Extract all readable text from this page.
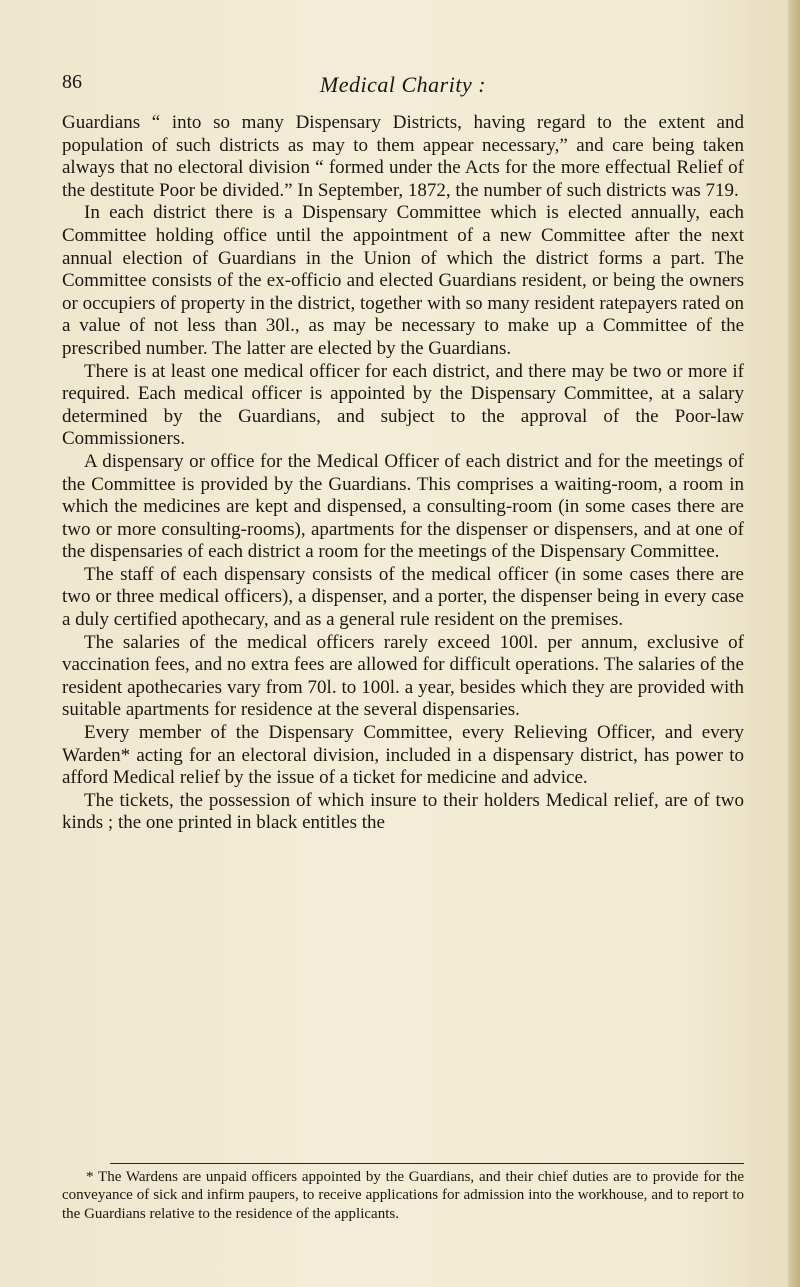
86	Medical Charity :

Guardians “ into so many Dispensary Districts, having regard to the extent and population of such districts as may to them appear necessary,” and care being taken always that no electoral division “ formed under the Acts for the more effectual Relief of the destitute Poor be divided.” In September, 1872, the number of such districts was 719.

In each district there is a Dispensary Committee which is elected annually, each Committee holding office until the appointment of a new Committee after the next annual election of Guardians in the Union of which the district forms a part. The Committee consists of the ex-officio and elected Guardians resident, or being the owners or occupiers of property in the district, together with so many resident ratepayers rated on a value of not less than 30l., as may be necessary to make up a Committee of the prescribed number. The latter are elected by the Guardians.

There is at least one medical officer for each district, and there may be two or more if required. Each medical officer is appointed by the Dispensary Committee, at a salary determined by the Guardians, and subject to the approval of the Poor-law Commissioners.

A dispensary or office for the Medical Officer of each district and for the meetings of the Committee is provided by the Guardians. This comprises a waiting-room, a room in which the medicines are kept and dispensed, a consulting-room (in some cases there are two or more consulting-rooms), apartments for the dispenser or dispensers, and at one of the dispensaries of each district a room for the meetings of the Dispensary Committee.

The staff of each dispensary consists of the medical officer (in some cases there are two or three medical officers), a dispenser, and a porter, the dispenser being in every case a duly certified apothecary, and as a general rule resident on the premises.

The salaries of the medical officers rarely exceed 100l. per annum, exclusive of vaccination fees, and no extra fees are allowed for difficult operations. The salaries of the resident apothecaries vary from 70l. to 100l. a year, besides which they are provided with suitable apartments for residence at the several dispensaries.

Every member of the Dispensary Committee, every Relieving Officer, and every Warden* acting for an electoral division, included in a dispensary district, has power to afford Medical relief by the issue of a ticket for medicine and advice.

The tickets, the possession of which insure to their holders Medical relief, are of two kinds ; the one printed in black entitles the

* The Wardens are unpaid officers appointed by the Guardians, and their chief duties are to provide for the conveyance of sick and infirm paupers, to receive applications for admission into the workhouse, and to report to the Guardians relative to the residence of the applicants.
